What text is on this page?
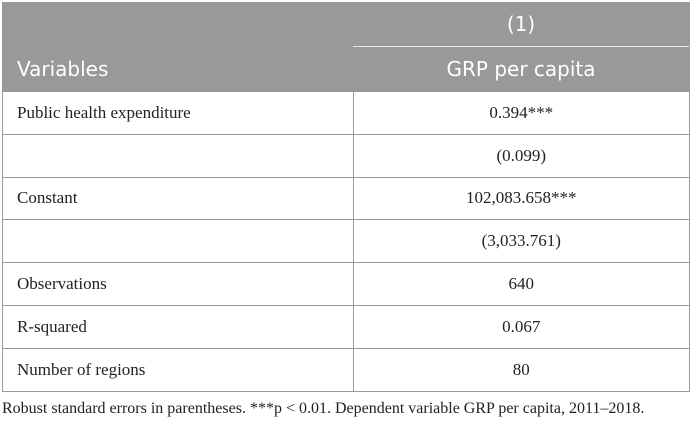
	(1)
Variables	GRP per capita
Public health expenditure	0.394***
	(0.099)
Constant	102,083.658***
	(3,033.761)
Observations	640
R-squared	0.067
Number of regions	80
Robust standard errors in parentheses. ***p < 0.01. Dependent variable GRP per capita, 2011–2018.
